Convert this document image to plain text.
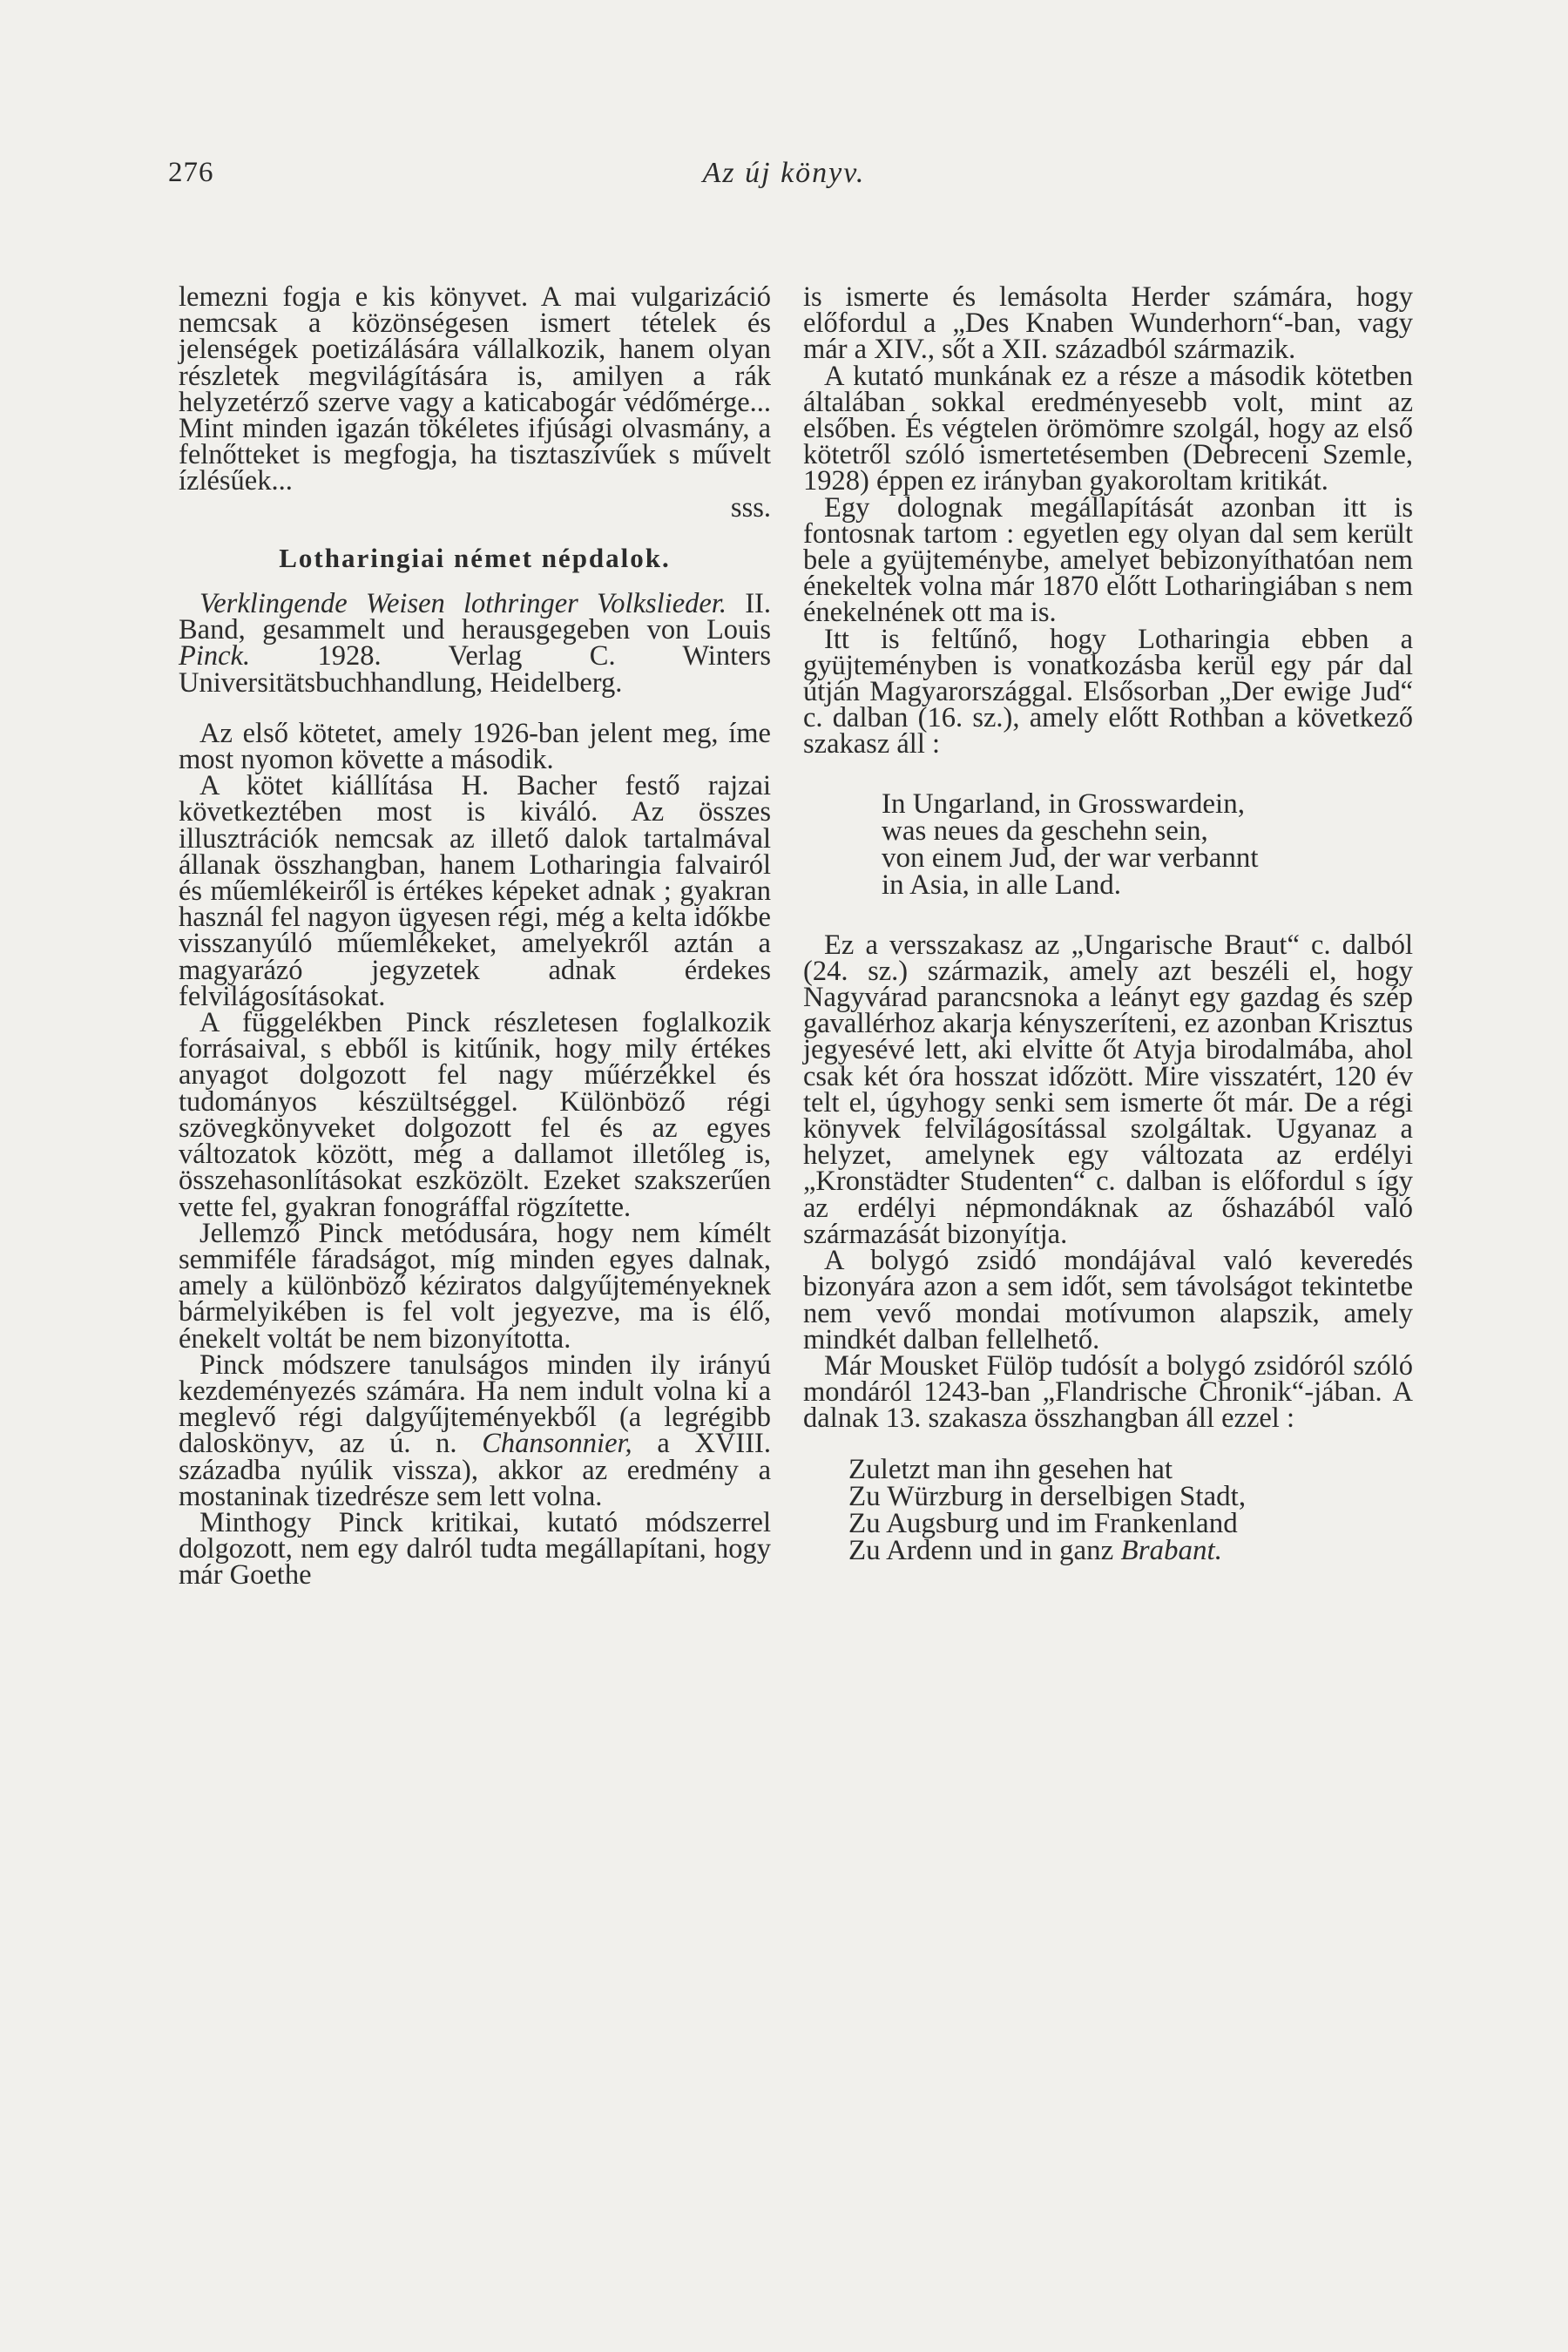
276	Az új könyv.

lemezni fogja e kis könyvet. A mai vulgarizáció nemcsak a közönségesen ismert tételek és jelenségek poetizálására vállalkozik, hanem olyan részletek megvilágítására is, amilyen a rák helyzetérző szerve vagy a katicabogár védőmérge... Mint minden igazán tökéletes ifjúsági olvasmány, a felnőtteket is megfogja, ha tisztaszívűek s művelt ízlésűek...

sss.

Lotharingiai német népdalok.

Verklingende Weisen lothringer Volkslieder. II. Band, gesammelt und herausgegeben von Louis Pinck. 1928. Verlag C. Winters Universitätsbuchhandlung, Heidelberg.

Az első kötetet, amely 1926-ban jelent meg, íme most nyomon követte a második.

A kötet kiállítása H. Bacher festő rajzai következtében most is kiváló. Az összes illusztrációk nemcsak az illető dalok tartalmával állanak összhangban, hanem Lotharingia falvairól és műemlékeiről is értékes képeket adnak ; gyakran használ fel nagyon ügyesen régi, még a kelta időkbe visszanyúló műemlékeket, amelyekről aztán a magyarázó jegyzetek adnak érdekes felvilágosításokat.

A függelékben Pinck részletesen foglalkozik forrásaival, s ebből is kitűnik, hogy mily értékes anyagot dolgozott fel nagy műérzékkel és tudományos készültséggel. Különböző régi szövegkönyveket dolgozott fel és az egyes változatok között, még a dallamot illetőleg is, összehasonlításokat eszközölt. Ezeket szakszerűen vette fel, gyakran fonográffal rögzítette.

Jellemző Pinck metódusára, hogy nem kímélt semmiféle fáradságot, míg minden egyes dalnak, amely a különböző kéziratos dalgyűjteményeknek bármelyikében is fel volt jegyezve, ma is élő, énekelt voltát be nem bizonyította.

Pinck módszere tanulságos minden ily irányú kezdeményezés számára. Ha nem indult volna ki a meglevő régi dalgyűjteményekből (a legrégibb daloskönyv, az ú. n. Chansonnier, a XVIII. századba nyúlik vissza), akkor az eredmény a mostaninak tizedrésze sem lett volna.

Minthogy Pinck kritikai, kutató módszerrel dolgozott, nem egy dalról tudta megállapítani, hogy már Goethe

is ismerte és lemásolta Herder számára, hogy előfordul a „Des Knaben Wunderhorn“-ban, vagy már a XIV., sőt a XII. századból származik.

A kutató munkának ez a része a második kötetben általában sokkal eredményesebb volt, mint az elsőben. És végtelen örömömre szolgál, hogy az első kötetről szóló ismertetésemben (Debreceni Szemle, 1928) éppen ez irányban gyakoroltam kritikát.

Egy dolognak megállapítását azonban itt is fontosnak tartom : egyetlen egy olyan dal sem került bele a gyüjteménybe, amelyet bebizonyíthatóan nem énekeltek volna már 1870 előtt Lotharingiában s nem énekelnének ott ma is.

Itt is feltűnő, hogy Lotharingia ebben a gyüjteményben is vonatkozásba kerül egy pár dal útján Magyarországgal. Elsősorban „Der ewige Jud“ c. dalban (16. sz.), amely előtt Rothban a következő szakasz áll :

In Ungarland, in Grosswardein,
was neues da geschehn sein,
von einem Jud, der war verbannt
in Asia, in alle Land.

Ez a versszakasz az „Ungarische Braut“ c. dalból (24. sz.) származik, amely azt beszéli el, hogy Nagyvárad parancsnoka a leányt egy gazdag és szép gavallérhoz akarja kényszeríteni, ez azonban Krisztus jegyesévé lett, aki elvitte őt Atyja birodalmába, ahol csak két óra hosszat időzött. Mire visszatért, 120 év telt el, úgyhogy senki sem ismerte őt már. De a régi könyvek felvilágosítással szolgáltak. Ugyanaz a helyzet, amelynek egy változata az erdélyi „Kronstädter Studenten“ c. dalban is előfordul s így az erdélyi népmondáknak az őshazából való származását bizonyítja.

A bolygó zsidó mondájával való keveredés bizonyára azon a sem időt, sem távolságot tekintetbe nem vevő mondai motívumon alapszik, amely mindkét dalban fellelhető.

Már Mousket Fülöp tudósít a bolygó zsidóról szóló mondáról 1243-ban „Flandrische Chronik“-jában. A dalnak 13. szakasza összhangban áll ezzel :

Zuletzt man ihn gesehen hat
Zu Würzburg in derselbigen Stadt,
Zu Augsburg und im Frankenland
Zu Ardenn und in ganz Brabant.
